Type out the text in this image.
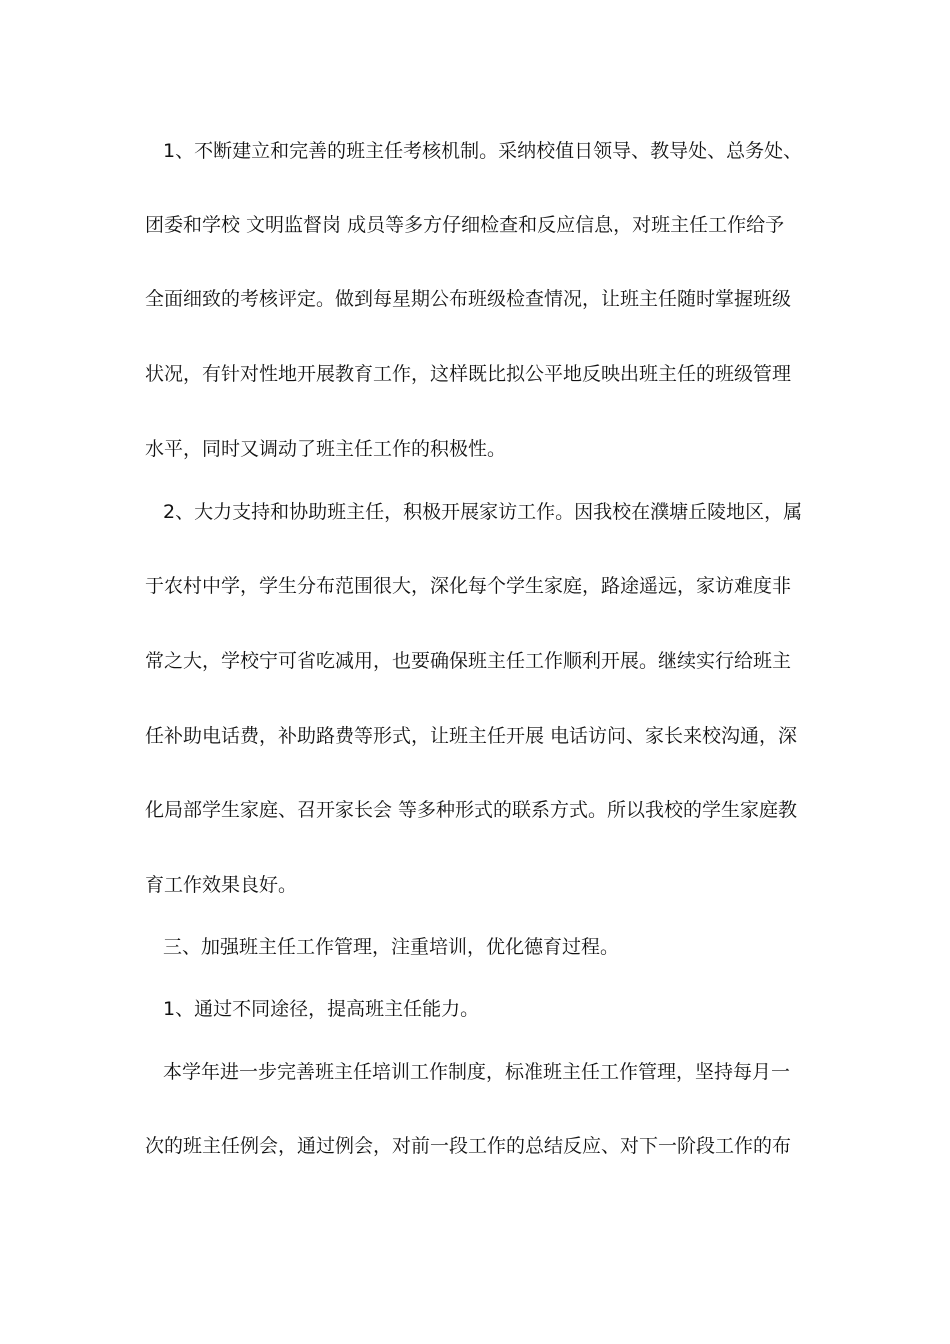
1、不断建立和完善的班主任考核机制。采纳校值日领导、教导处、总务处、
团委和学校 文明监督岗 成员等多方仔细检查和反应信息，对班主任工作给予
全面细致的考核评定。做到每星期公布班级检查情况，让班主任随时掌握班级
状况，有针对性地开展教育工作，这样既比拟公平地反映出班主任的班级管理
水平，同时又调动了班主任工作的积极性。
2、大力支持和协助班主任，积极开展家访工作。因我校在濮塘丘陵地区，属
于农村中学，学生分布范围很大，深化每个学生家庭，路途遥远，家访难度非
常之大，学校宁可省吃减用，也要确保班主任工作顺利开展。继续实行给班主
任补助电话费，补助路费等形式，让班主任开展 电话访问、家长来校沟通，深
化局部学生家庭、召开家长会 等多种形式的联系方式。所以我校的学生家庭教
育工作效果良好。
三、加强班主任工作管理，注重培训，优化德育过程。
1、通过不同途径，提高班主任能力。
本学年进一步完善班主任培训工作制度，标准班主任工作管理，坚持每月一
次的班主任例会，通过例会，对前一段工作的总结反应、对下一阶段工作的布
